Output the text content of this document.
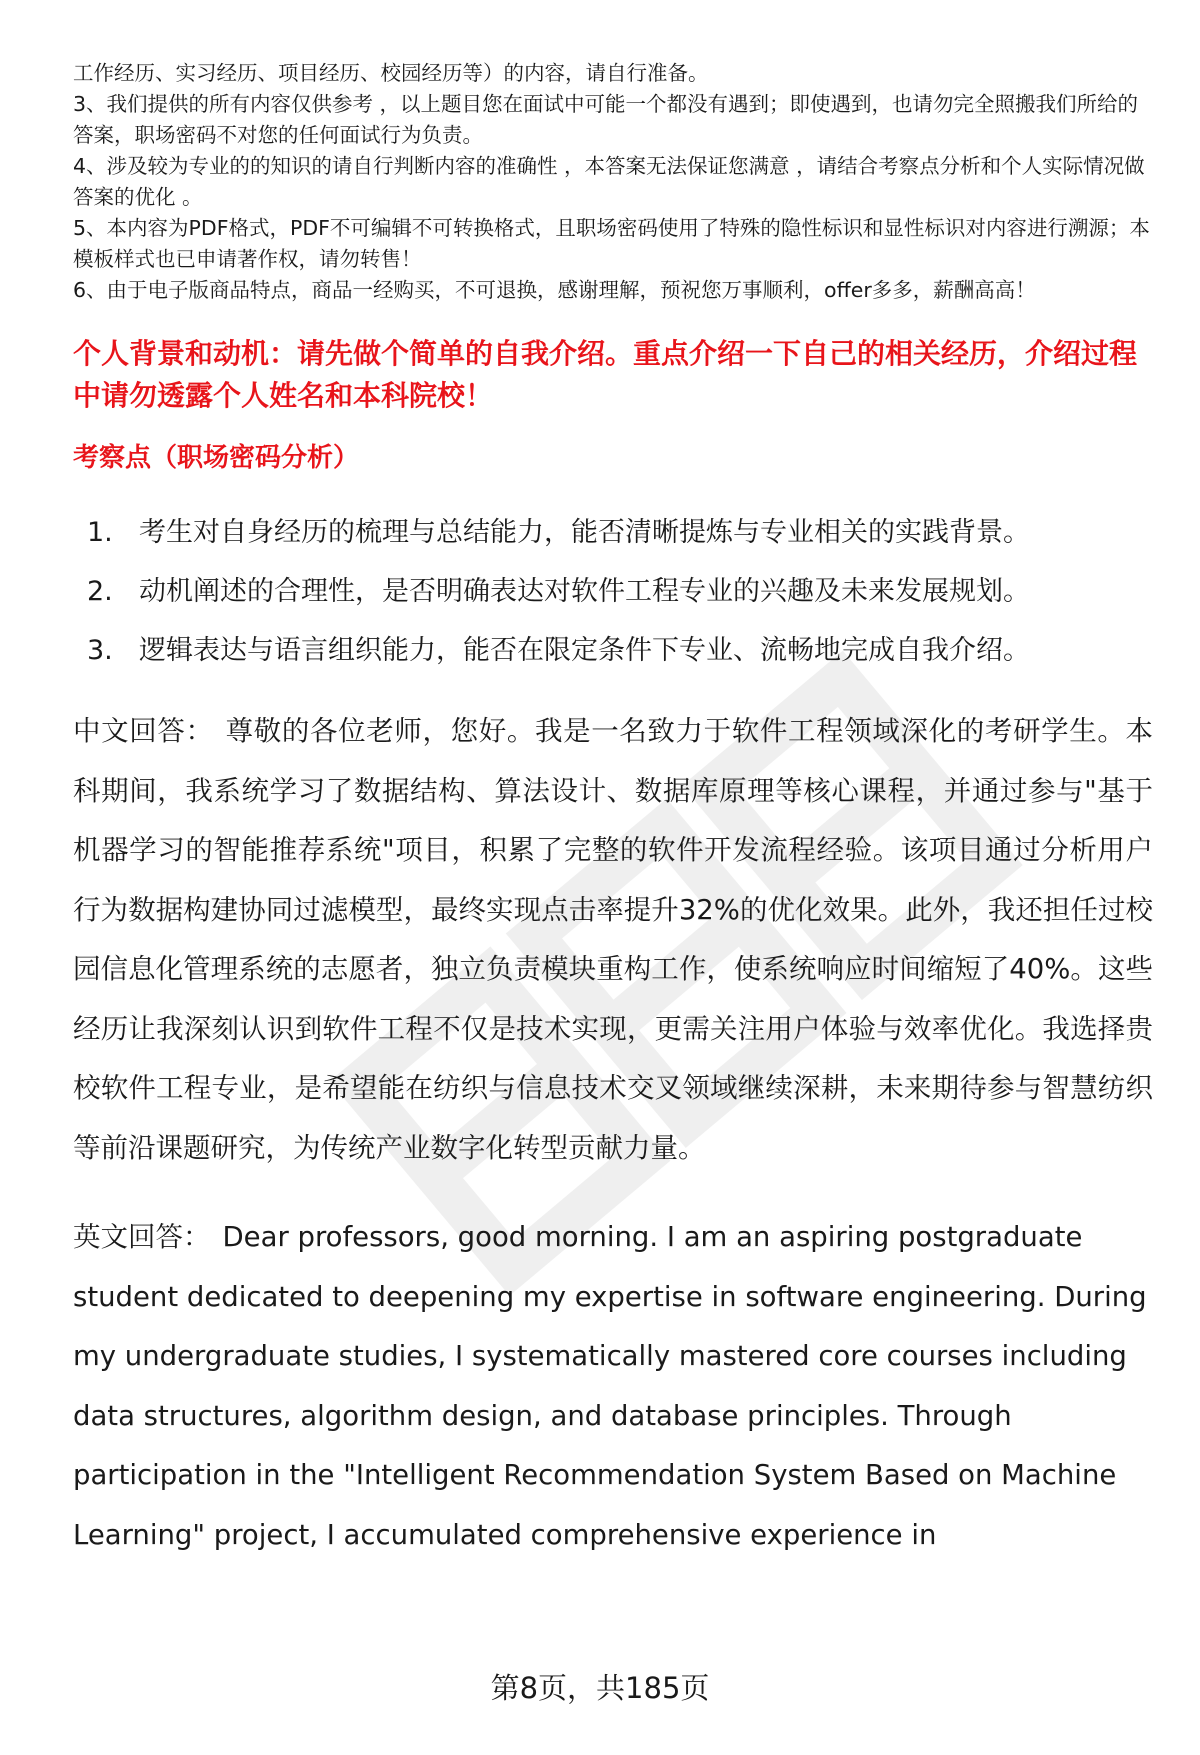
工作经历、实习经历、项目经历、校园经历等）的内容，请自行准备。

3、我们提供的所有内容仅供参考 ，以上题目您在面试中可能一个都没有遇到；即使遇到，也请勿完全照搬我们所给的答案，职场密码不对您的任何面试行为负责。

4、涉及较为专业的的知识的请自行判断内容的准确性 ，本答案无法保证您满意 ，请结合考察点分析和个人实际情况做答案的优化 。

5、本内容为PDF格式，PDF不可编辑不可转换格式，且职场密码使用了特殊的隐性标识和显性标识对内容进行溯源；本模板样式也已申请著作权，请勿转售！

6、由于电子版商品特点，商品一经购买，不可退换，感谢理解，预祝您万事顺利，offer多多，薪酬高高！

个人背景和动机：请先做个简单的自我介绍。重点介绍一下自己的相关经历，介绍过程中请勿透露个人姓名和本科院校！

考察点（职场密码分析）

1. 考生对自身经历的梳理与总结能力，能否清晰提炼与专业相关的实践背景。
2. 动机阐述的合理性，是否明确表达对软件工程专业的兴趣及未来发展规划。
3. 逻辑表达与语言组织能力，能否在限定条件下专业、流畅地完成自我介绍。

中文回答： 尊敬的各位老师，您好。我是一名致力于软件工程领域深化的考研学生。本科期间，我系统学习了数据结构、算法设计、数据库原理等核心课程，并通过参与"基于机器学习的智能推荐系统"项目，积累了完整的软件开发流程经验。该项目通过分析用户行为数据构建协同过滤模型，最终实现点击率提升32%的优化效果。此外，我还担任过校园信息化管理系统的志愿者，独立负责模块重构工作，使系统响应时间缩短了40%。这些经历让我深刻认识到软件工程不仅是技术实现，更需关注用户体验与效率优化。我选择贵校软件工程专业，是希望能在纺织与信息技术交叉领域继续深耕，未来期待参与智慧纺织等前沿课题研究，为传统产业数字化转型贡献力量。

英文回答： Dear professors, good morning. I am an aspiring postgraduate student dedicated to deepening my expertise in software engineering. During my undergraduate studies, I systematically mastered core courses including data structures, algorithm design, and database principles. Through participation in the "Intelligent Recommendation System Based on Machine Learning" project, I accumulated comprehensive experience in

第8页，共185页
